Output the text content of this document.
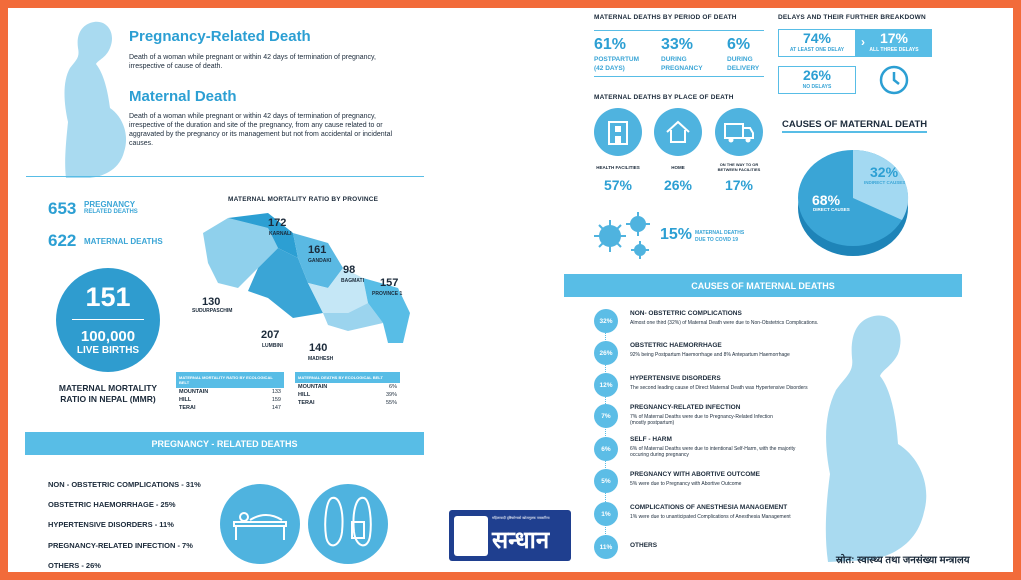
Pregnancy-Related Death
Death of a woman while pregnant or within 42 days of termination of pregnancy, irrespective of cause of death.
Maternal Death
Death of a woman while pregnant or within 42 days of termination of pregnancy, irrespective of the duration and site of the pregnancy, from any cause related to or aggravated by the pregnancy or its management but not from accidental or incidental causes.
653 PREGNANCY
RELATED DEATHS
622 MATERNAL DEATHS
151
100,000
LIVE BIRTHS
MATERNAL MORTALITY
RATIO IN NEPAL (MMR)
MATERNAL MORTALITY RATIO BY PROVINCE
172
KARNALI
161
GANDAKI
98
BAGMATI 157
PROVINCE 1
130
SUDURPASCHIM
207
LUMBINI 140
MADHESH
MATERNAL MORTALITY RATIO BY ECOLOGICAL BELT
MOUNTAIN	133
HILL	159
TERAI	147
MATERNAL DEATHS BY ECOLOGICAL BELT
MOUNTAIN	6%
HILL	39%
TERAI	55%
PREGNANCY - RELATED DEATHS
NON - OBSTETRIC COMPLICATIONS - 31%
OBSTETRIC HAEMORRHAGE - 25%
HYPERTENSIVE DISORDERS - 11%
PREGNANCY-RELATED INFECTION - 7%
OTHERS - 26%
महिलावादी दृष्टिकोणको खोजमूलक पत्रकारिता
सन्धान
MATERNAL DEATHS BY PERIOD OF DEATH
61%
POSTPARTUM
(42 DAYS)
33%
DURING
PREGNANCY
6%
DURING
DELIVERY
DELAYS AND THEIR FURTHER BREAKDOWN
74%
AT LEAST ONE DELAY
17%
ALL THREE DELAYS
›
26%
NO DELAYS
MATERNAL DEATHS BY PLACE OF DEATH
HEALTH FACILITIES	HOME
ON THE WAY TO OR BETWEEN FACILITIES
57%	26%	17%
15% MATERNAL DEATHS
DUE TO COVID 19
CAUSES OF MATERNAL DEATH
68%
DIRECT CAUSES
32%
INDIRECT CAUSES
CAUSES OF MATERNAL DEATHS
32%
NON- OBSTETRIC COMPLICATIONS
Almost one third (32%) of Maternal Death were due to Non-Obstetrics Complications.
26%
OBSTETRIC HAEMORRHAGE
92% being Postpartum Haemorrhage and 8% Antepartum Haemorrhage
12%
HYPERTENSIVE DISORDERS
The second leading cause of Direct Maternal Death was Hypertensive Disorders
7%
PREGNANCY-RELATED INFECTION
7% of Maternal Deaths were due to Pregnancy-Related Infection (mostly postpartum)
6%
SELF - HARM
6% of Maternal Deaths were due to intentional Self-Harm, with the majority occuring during pregnancy
5%
PREGNANCY WITH ABORTIVE OUTCOME
5% were due to Pregnancy with Abortive Outcome
1%
COMPLICATIONS OF ANESTHESIA MANAGEMENT
1% were due to unanticipated Complications of Anesthesia Management
11%	OTHERS
स्रोत: स्वास्थ्य तथा जनसंख्या मन्त्रालय
